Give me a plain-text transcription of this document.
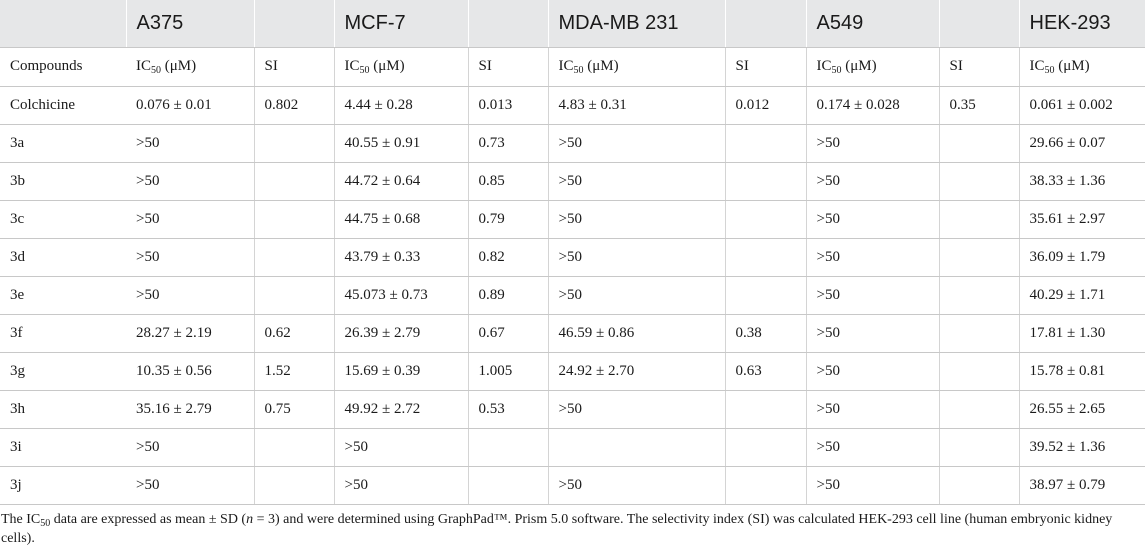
	A375		MCF-7		MDA-MB 231		A549		HEK-293
Compounds	$IC_{50}$ (μM)	SI	$IC_{50}$ (μM)	SI	$IC_{50}$ (μM)	SI	$IC_{50}$ (μM)	SI	$IC_{50}$ (μM)
Colchicine	0.076 ± 0.01	0.802	4.44 ± 0.28	0.013	4.83 ± 0.31	0.012	0.174 ± 0.028	0.35	0.061 ± 0.002
3a	>50		40.55 ± 0.91	0.73	>50		>50		29.66 ± 0.07
3b	>50		44.72 ± 0.64	0.85	>50		>50		38.33 ± 1.36
3c	>50		44.75 ± 0.68	0.79	>50		>50		35.61 ± 2.97
3d	>50		43.79 ± 0.33	0.82	>50		>50		36.09 ± 1.79
3e	>50		45.073 ± 0.73	0.89	>50		>50		40.29 ± 1.71
3f	28.27 ± 2.19	0.62	26.39 ± 2.79	0.67	46.59 ± 0.86	0.38	>50		17.81 ± 1.30
3g	10.35 ± 0.56	1.52	15.69 ± 0.39	1.005	24.92 ± 2.70	0.63	>50		15.78 ± 0.81
3h	35.16 ± 2.79	0.75	49.92 ± 2.72	0.53	>50		>50		26.55 ± 2.65
3i	>50		>50				>50		39.52 ± 1.36
3j	>50		>50		>50		>50		38.97 ± 0.79
The $IC_{50}$ data are expressed as mean ± SD (n = 3) and were determined using GraphPad™. Prism 5.0 software. The selectivity index (SI) was calculated HEK-293 cell line (human embryonic kidney cells).
